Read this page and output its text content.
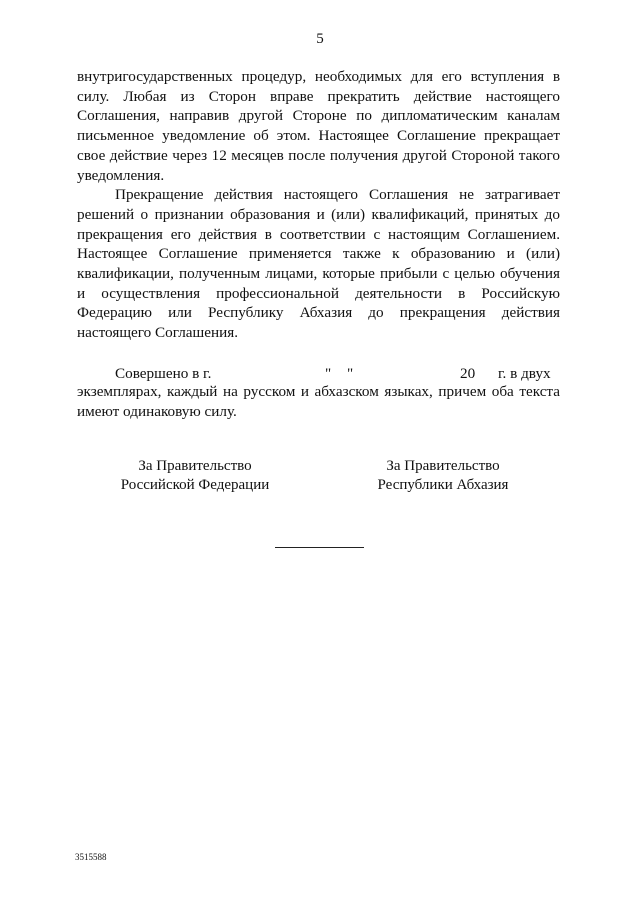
5

внутригосударственных процедур, необходимых для его вступления в силу. Любая из Сторон вправе прекратить действие настоящего Соглашения, направив другой Стороне по дипломатическим каналам письменное уведомление об этом. Настоящее Соглашение прекращает свое действие через 12 месяцев после получения другой Стороной такого уведомления.

Прекращение действия настоящего Соглашения не затрагивает решений о признании образования и (или) квалификаций, принятых до прекращения его действия в соответствии с настоящим Соглашением. Настоящее Соглашение применяется также к образованию и (или) квалификации, полученным лицами, которые прибыли с целью обучения и осуществления профессиональной деятельности в Российскую Федерацию или Республику Абхазия до прекращения действия настоящего Соглашения.

Совершено в г.	" "	20 г. в двух
экземплярах, каждый на русском и абхазском языках, причем оба текста имеют одинаковую силу.
За Правительство
Российской Федерации
За Правительство
Республики Абхазия
3515588
